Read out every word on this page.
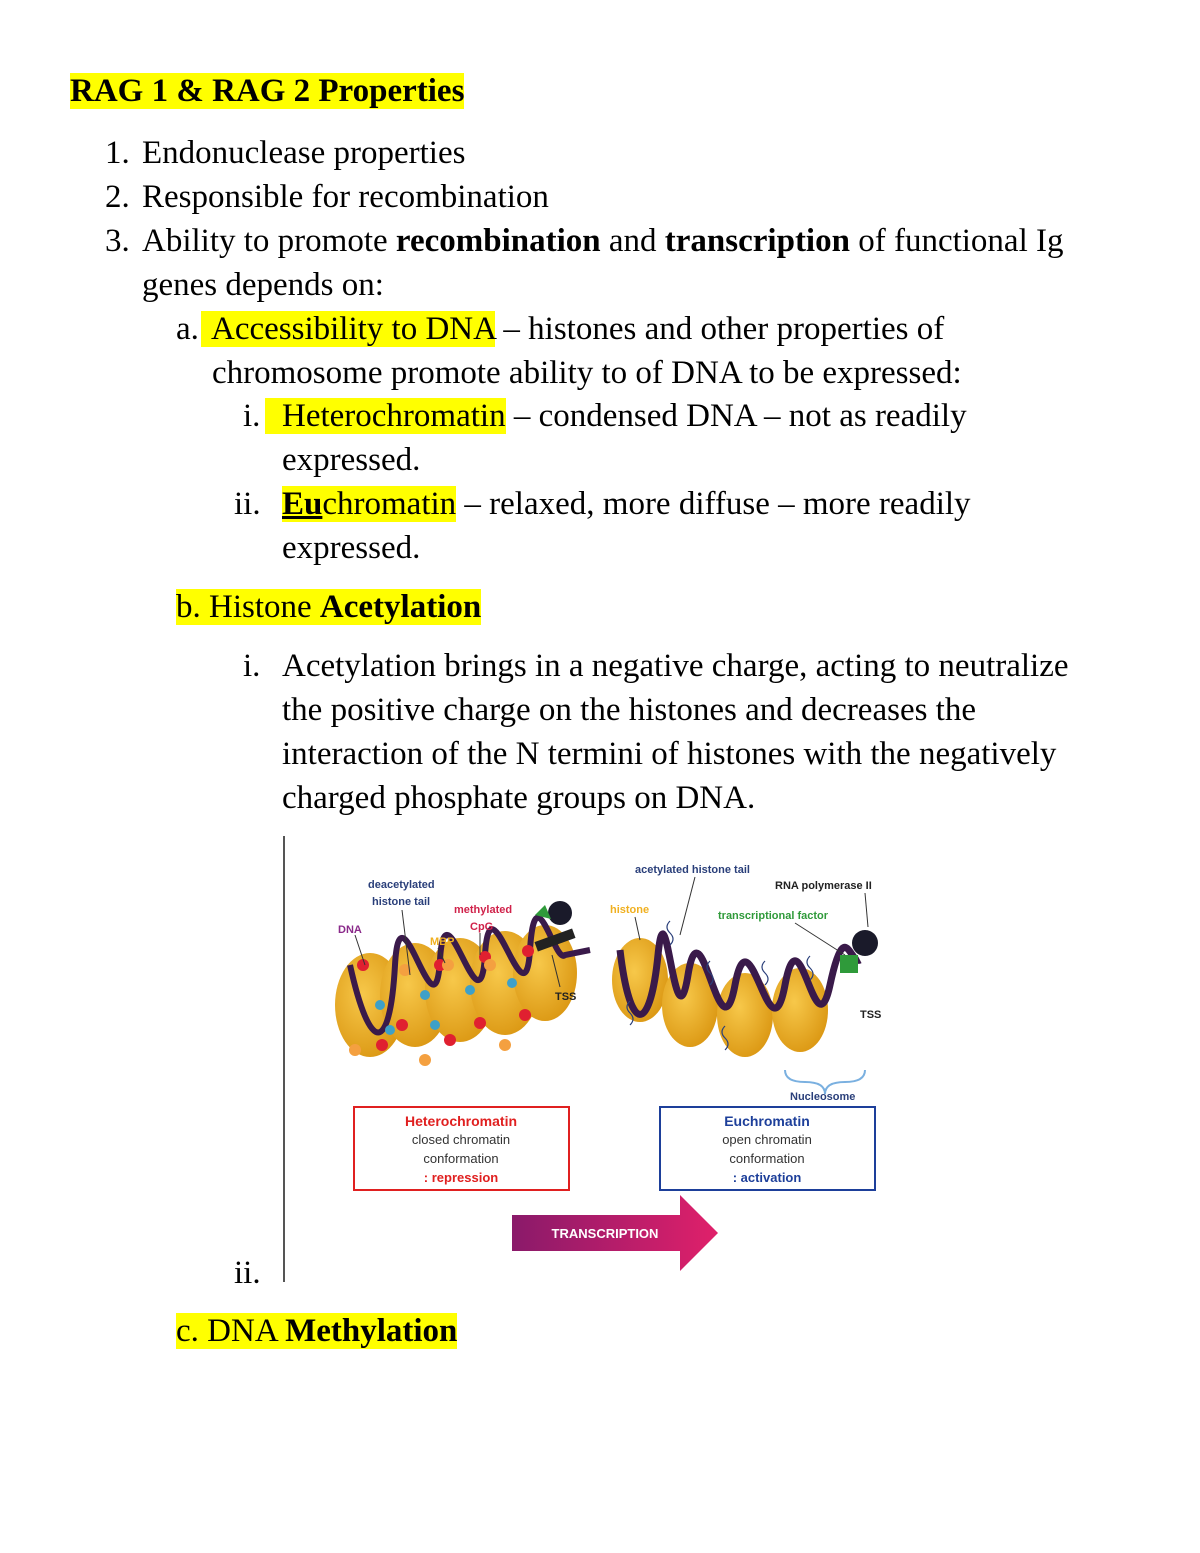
RAG 1 & RAG 2 Properties
1. Endonuclease properties
2. Responsible for recombination
3. Ability to promote recombination and transcription of functional Ig
genes depends on:
a. Accessibility to DNA – histones and other properties of
chromosome promote ability to of DNA to be expressed:
i. Heterochromatin – condensed DNA – not as readily
expressed.
ii. Euchromatin – relaxed, more diffuse – more readily
expressed.
b. Histone Acetylation
i. Acetylation brings in a negative charge, acting to neutralize
the positive charge on the histones and decreases the
interaction of the N termini of histones with the negatively
charged phosphate groups on DNA.
ii.
deacetylated
histone tail
DNA
MBP
methylated
CpG
TSS
acetylated histone tail
RNA polymerase II
histone	transcriptional factor
TSS
Nucleosome
Heterochromatin
closed chromatin
conformation
: repression
Euchromatin
open chromatin
conformation
: activation
TRANSCRIPTION
c. DNA Methylation
